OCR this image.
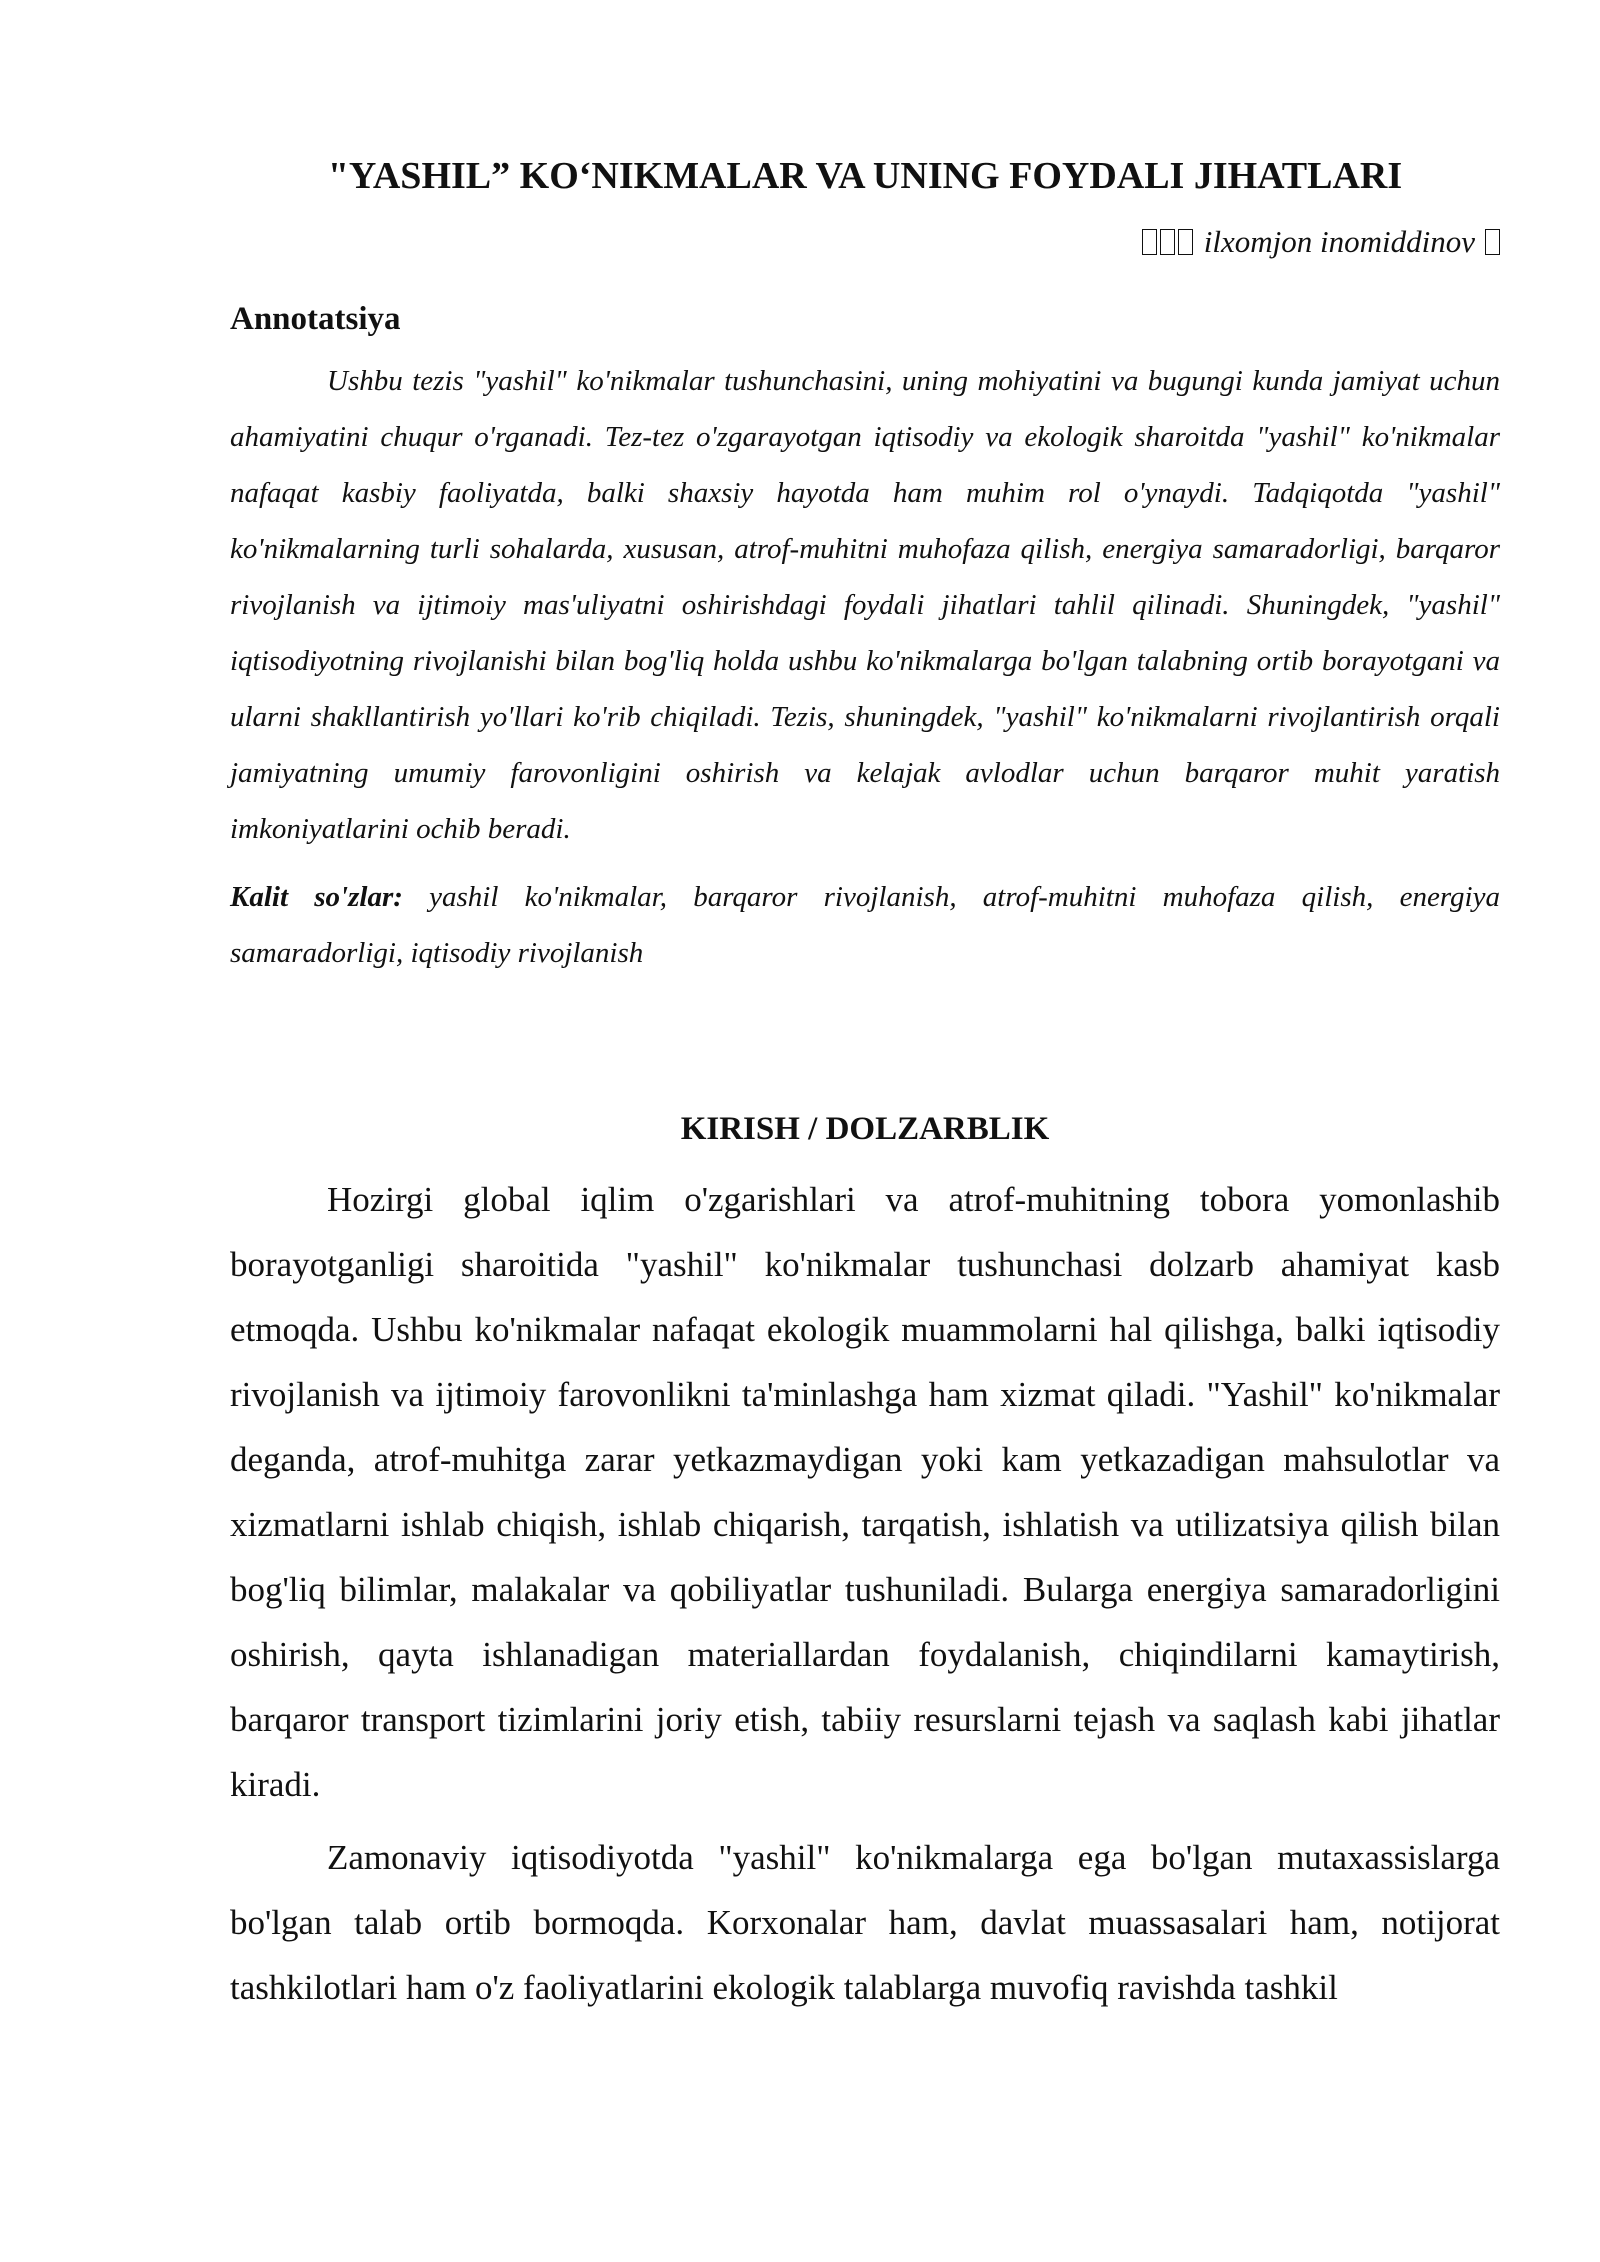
"YASHIL” KO‘NIKMALAR VA UNING FOYDALI JIHATLARI
ilxomjon inomiddinov
Annotatsiya

Ushbu tezis "yashil" ko'nikmalar tushunchasini, uning mohiyatini va bugungi kunda jamiyat uchun ahamiyatini chuqur o'rganadi. Tez-tez o'zgarayotgan iqtisodiy va ekologik sharoitda "yashil" ko'nikmalar nafaqat kasbiy faoliyatda, balki shaxsiy hayotda ham muhim rol o'ynaydi. Tadqiqotda "yashil" ko'nikmalarning turli sohalarda, xususan, atrof-muhitni muhofaza qilish, energiya samaradorligi, barqaror rivojlanish va ijtimoiy mas'uliyatni oshirishdagi foydali jihatlari tahlil qilinadi. Shuningdek, "yashil" iqtisodiyotning rivojlanishi bilan bog'liq holda ushbu ko'nikmalarga bo'lgan talabning ortib borayotgani va ularni shakllantirish yo'llari ko'rib chiqiladi. Tezis, shuningdek, "yashil" ko'nikmalarni rivojlantirish orqali jamiyatning umumiy farovonligini oshirish va kelajak avlodlar uchun barqaror muhit yaratish imkoniyatlarini ochib beradi.

Kalit so'zlar: yashil ko'nikmalar, barqaror rivojlanish, atrof-muhitni muhofaza qilish, energiya samaradorligi, iqtisodiy rivojlanish

KIRISH / DOLZARBLIK

Hozirgi global iqlim o'zgarishlari va atrof-muhitning tobora yomonlashib borayotganligi sharoitida "yashil" ko'nikmalar tushunchasi dolzarb ahamiyat kasb etmoqda. Ushbu ko'nikmalar nafaqat ekologik muammolarni hal qilishga, balki iqtisodiy rivojlanish va ijtimoiy farovonlikni ta'minlashga ham xizmat qiladi. "Yashil" ko'nikmalar deganda, atrof-muhitga zarar yetkazmaydigan yoki kam yetkazadigan mahsulotlar va xizmatlarni ishlab chiqish, ishlab chiqarish, tarqatish, ishlatish va utilizatsiya qilish bilan bog'liq bilimlar, malakalar va qobiliyatlar tushuniladi. Bularga energiya samaradorligini oshirish, qayta ishlanadigan materiallardan foydalanish, chiqindilarni kamaytirish, barqaror transport tizimlarini joriy etish, tabiiy resurslarni tejash va saqlash kabi jihatlar kiradi.

Zamonaviy iqtisodiyotda "yashil" ko'nikmalarga ega bo'lgan mutaxassislarga bo'lgan talab ortib bormoqda. Korxonalar ham, davlat muassasalari ham, notijorat tashkilotlari ham o'z faoliyatlarini ekologik talablarga muvofiq ravishda tashkil
